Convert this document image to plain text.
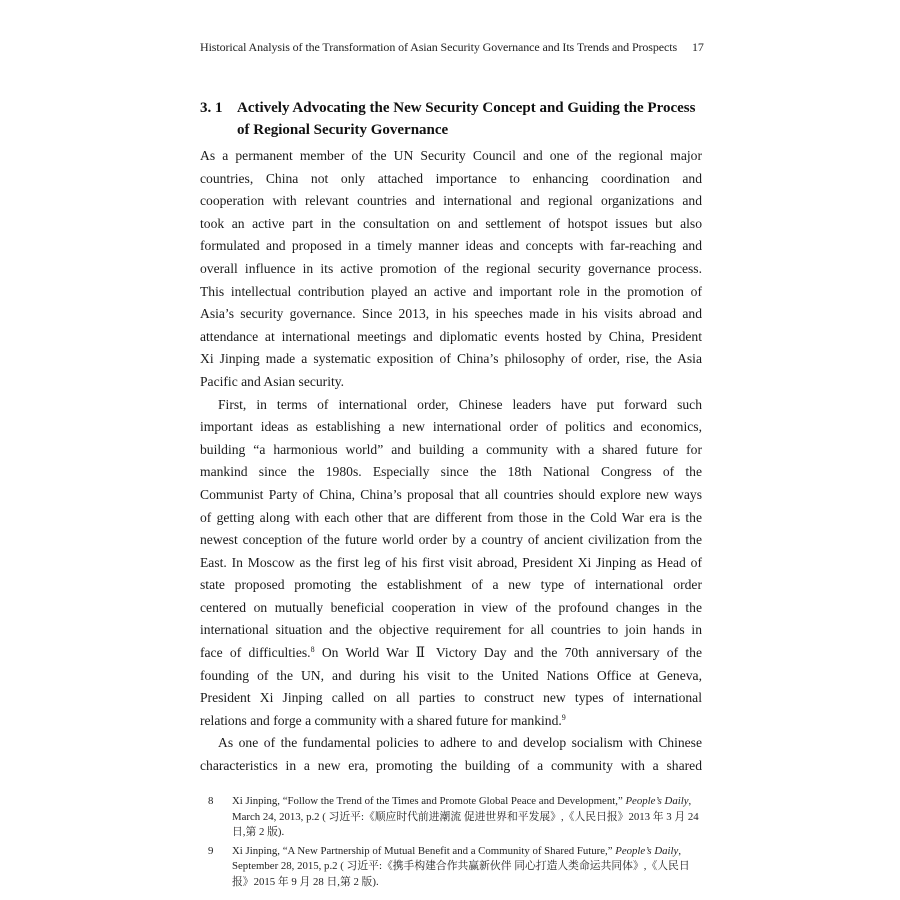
Historical Analysis of the Transformation of Asian Security Governance and Its Trends and Prospects 17
3. 1 Actively Advocating the New Security Concept and Guiding the Process
of Regional Security Governance

As a permanent member of the UN Security Council and one of the regional major

countries, China not only attached importance to enhancing coordination and

cooperation with relevant countries and international and regional organizations and

took an active part in the consultation on and settlement of hotspot issues but also

formulated and proposed in a timely manner ideas and concepts with far-reaching and

overall influence in its active promotion of the regional security governance process.

This intellectual contribution played an active and important role in the promotion of

Asia’s security governance. Since 2013, in his speeches made in his visits abroad and

attendance at international meetings and diplomatic events hosted by China, President

Xi Jinping made a systematic exposition of China’s philosophy of order, rise, the Asia

Pacific and Asian security.

First, in terms of international order, Chinese leaders have put forward such

important ideas as establishing a new international order of politics and economics,

building “a harmonious world” and building a community with a shared future for

mankind since the 1980s. Especially since the 18th National Congress of the

Communist Party of China, China’s proposal that all countries should explore new ways

of getting along with each other that are different from those in the Cold War era is the

newest conception of the future world order by a country of ancient civilization from the

East. In Moscow as the first leg of his first visit abroad, President Xi Jinping as Head of

state proposed promoting the establishment of a new type of international order

centered on mutually beneficial cooperation in view of the profound changes in the

international situation and the objective requirement for all countries to join hands in

face of difficulties.$^8$ On World War Ⅱ Victory Day and the 70th anniversary of the

founding of the UN, and during his visit to the United Nations Office at Geneva,

President Xi Jinping called on all parties to construct new types of international

relations and forge a community with a shared future for mankind.$^9$

As one of the fundamental policies to adhere to and develop socialism with Chinese

characteristics in a new era, promoting the building of a community with a shared

8 Xi Jinping, “Follow the Trend of the Times and Promote Global Peace and Development,” People’s Daily, March 24, 2013, p.2 ( 习近平:《顺应时代前进潮流 促进世界和平发展》,《人民日报》2013 年 3 月 24 日,第 2 版).
9 Xi Jinping, “A New Partnership of Mutual Benefit and a Community of Shared Future,” People’s Daily, September 28, 2015, p.2 ( 习近平:《携手构建合作共赢新伙伴 同心打造人类命运共同体》,《人民日报》2015 年 9 月 28 日,第 2 版).
